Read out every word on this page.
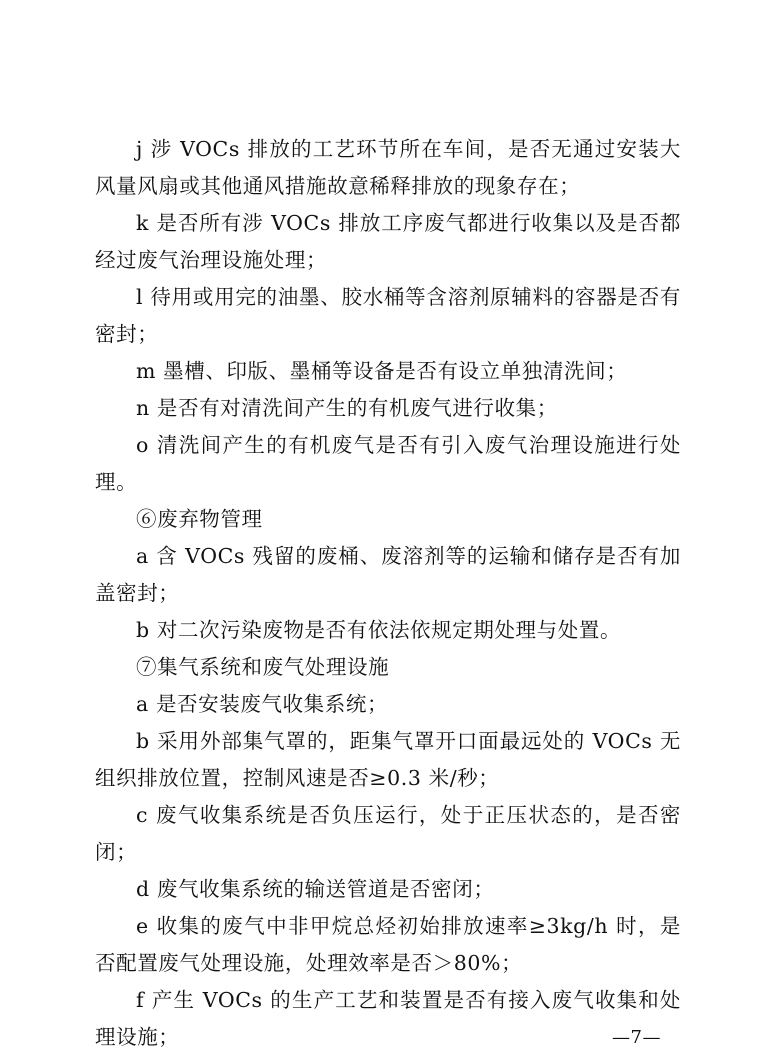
j 涉 VOCs 排放的工艺环节所在车间，是否无通过安装大风量风扇或其他通风措施故意稀释排放的现象存在；

k 是否所有涉 VOCs 排放工序废气都进行收集以及是否都经过废气治理设施处理；

l 待用或用完的油墨、胶水桶等含溶剂原辅料的容器是否有密封；

m 墨槽、印版、墨桶等设备是否有设立单独清洗间；

n 是否有对清洗间产生的有机废气进行收集；

o 清洗间产生的有机废气是否有引入废气治理设施进行处理。

⑥废弃物管理

a 含 VOCs 残留的废桶、废溶剂等的运输和储存是否有加盖密封；

b 对二次污染废物是否有依法依规定期处理与处置。

⑦集气系统和废气处理设施

a 是否安装废气收集系统；

b 采用外部集气罩的，距集气罩开口面最远处的 VOCs 无组织排放位置，控制风速是否≥0.3 米/秒；

c 废气收集系统是否负压运行，处于正压状态的，是否密闭；

d 废气收集系统的输送管道是否密闭；

e 收集的废气中非甲烷总烃初始排放速率≥3kg/h 时，是否配置废气处理设施，处理效率是否＞80%；

f 产生 VOCs 的生产工艺和装置是否有接入废气收集和处理设施；	—7—
